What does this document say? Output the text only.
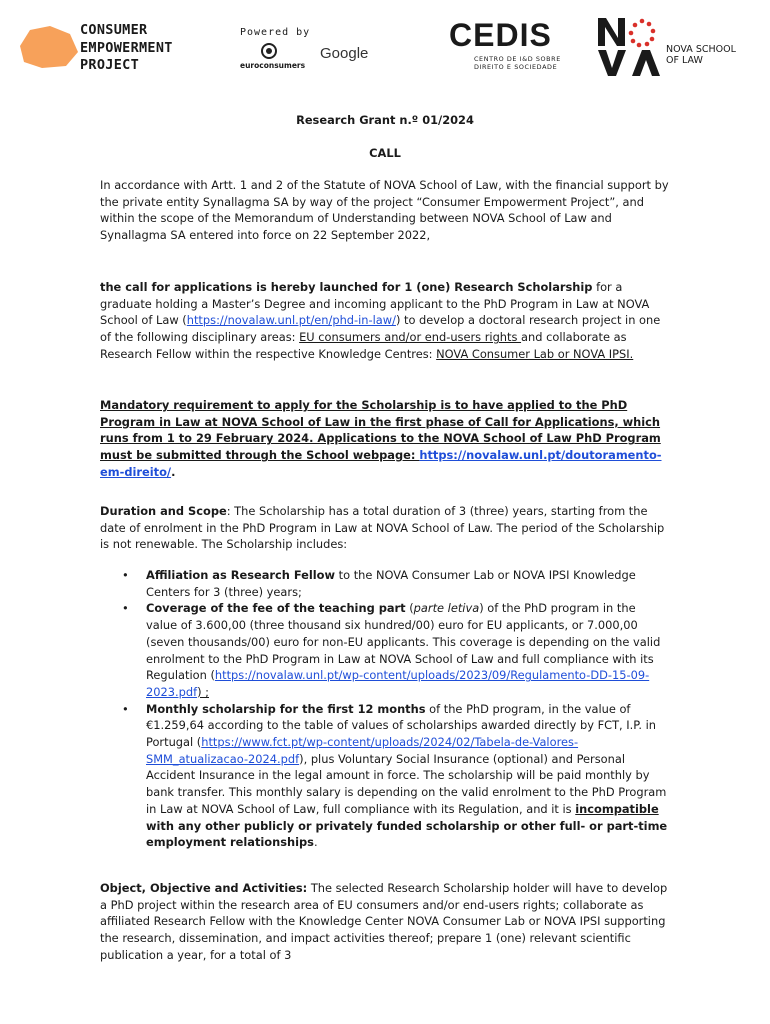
CONSUMER
EMPOWERMENT
PROJECT
Powered by
euroconsumers
Google
CEDIS
CENTRO DE I&D SOBRE
DIREITO E SOCIEDADE
NOVA SCHOOL
OF LAW
Research Grant n.º 01/2024
CALL

In accordance with Artt. 1 and 2 of the Statute of NOVA School of Law, with the financial support by the private entity Synallagma SA by way of the project “Consumer Empowerment Project”, and within the scope of the Memorandum of Understanding between NOVA School of Law and Synallagma SA entered into force on 22 September 2022,

the call for applications is hereby launched for 1 (one) Research Scholarship for a graduate holding a Master’s Degree and incoming applicant to the PhD Program in Law at NOVA School of Law (https://novalaw.unl.pt/en/phd-in-law/) to develop a doctoral research project in one of the following disciplinary areas: EU consumers and/or end-users rights and collaborate as Research Fellow within the respective Knowledge Centres: NOVA Consumer Lab or NOVA IPSI.

Mandatory requirement to apply for the Scholarship is to have applied to the PhD Program in Law at NOVA School of Law in the first phase of Call for Applications, which runs from 1 to 29 February 2024. Applications to the NOVA School of Law PhD Program must be submitted through the School webpage: https://novalaw.unl.pt/doutoramento-em-direito/.

Duration and Scope: The Scholarship has a total duration of 3 (three) years, starting from the date of enrolment in the PhD Program in Law at NOVA School of Law. The period of the Scholarship is not renewable. The Scholarship includes:

• Affiliation as Research Fellow to the NOVA Consumer Lab or NOVA IPSI Knowledge Centers for 3 (three) years;
• Coverage of the fee of the teaching part (parte letiva) of the PhD program in the value of 3.600,00 (three thousand six hundred/00) euro for EU applicants, or 7.000,00 (seven thousands/00) euro for non-EU applicants. This coverage is depending on the valid enrolment to the PhD Program in Law at NOVA School of Law and full compliance with its Regulation (https://novalaw.unl.pt/wp-content/uploads/2023/09/Regulamento-DD-15-09-2023.pdf) ;
• Monthly scholarship for the first 12 months of the PhD program, in the value of €1.259,64 according to the table of values of scholarships awarded directly by FCT, I.P. in Portugal (https://www.fct.pt/wp-content/uploads/2024/02/Tabela-de-Valores-SMM_atualizacao-2024.pdf), plus Voluntary Social Insurance (optional) and Personal Accident Insurance in the legal amount in force. The scholarship will be paid monthly by bank transfer. This monthly salary is depending on the valid enrolment to the PhD Program in Law at NOVA School of Law, full compliance with its Regulation, and it is incompatible with any other publicly or privately funded scholarship or other full- or part-time employment relationships.

Object, Objective and Activities: The selected Research Scholarship holder will have to develop a PhD project within the research area of EU consumers and/or end-users rights; collaborate as affiliated Research Fellow with the Knowledge Center NOVA Consumer Lab or NOVA IPSI supporting the research, dissemination, and impact activities thereof; prepare 1 (one) relevant scientific publication a year, for a total of 3
